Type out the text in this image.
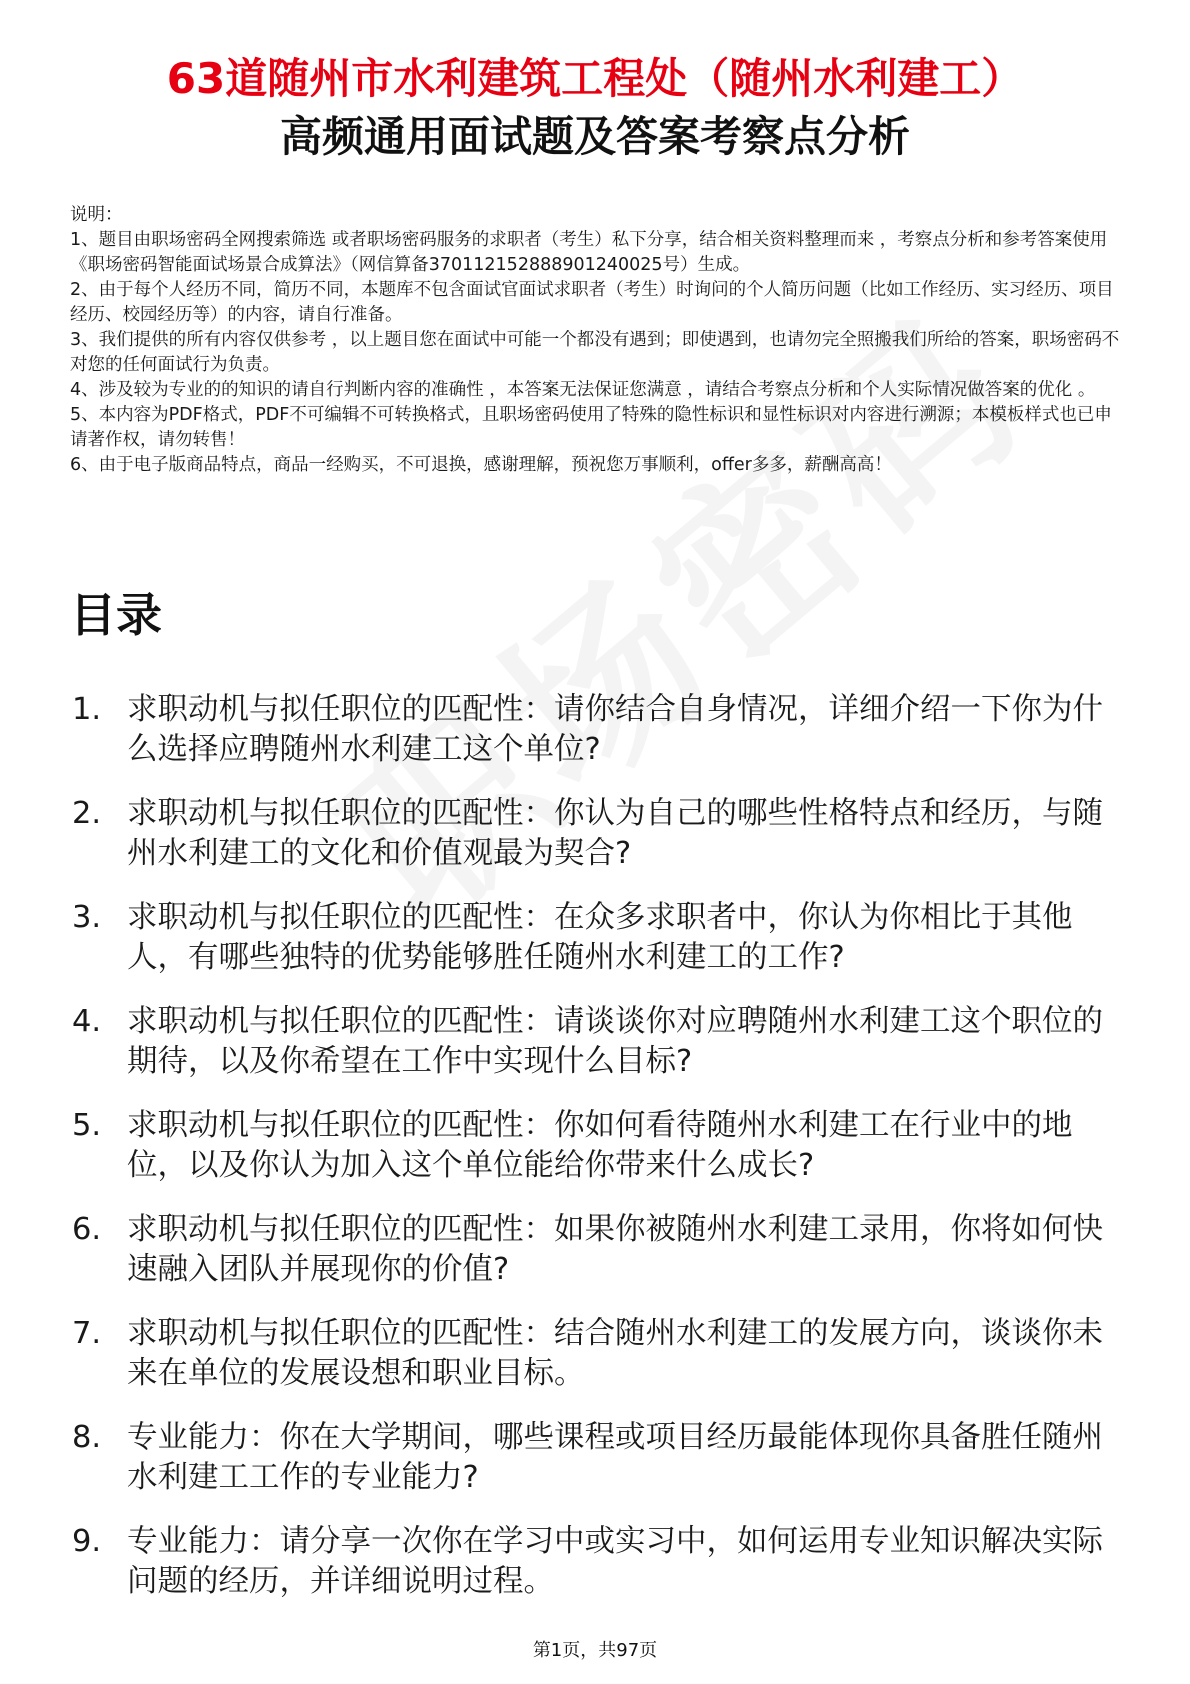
63道随州市水利建筑工程处（随州水利建工）
高频通用面试题及答案考察点分析

说明：

1、题目由职场密码全网搜索筛选 或者职场密码服务的求职者（考生）私下分享，结合相关资料整理而来 ，考察点分析和参考答案使用《职场密码智能面试场景合成算法》（网信算备370112152888901240025号）生成。

2、由于每个人经历不同，简历不同，本题库不包含面试官面试求职者（考生）时询问的个人简历问题（比如工作经历、实习经历、项目经历、校园经历等）的内容，请自行准备。

3、我们提供的所有内容仅供参考 ，以上题目您在面试中可能一个都没有遇到；即使遇到，也请勿完全照搬我们所给的答案，职场密码不对您的任何面试行为负责。

4、涉及较为专业的的知识的请自行判断内容的准确性 ，本答案无法保证您满意 ，请结合考察点分析和个人实际情况做答案的优化 。

5、本内容为PDF格式，PDF不可编辑不可转换格式，且职场密码使用了特殊的隐性标识和显性标识对内容进行溯源；本模板样式也已申请著作权，请勿转售！

6、由于电子版商品特点，商品一经购买，不可退换，感谢理解，预祝您万事顺利，offer多多，薪酬高高！

目录
1. 求职动机与拟任职位的匹配性：请你结合自身情况，详细介绍一下你为什么选择应聘随州水利建工这个单位?
2. 求职动机与拟任职位的匹配性：你认为自己的哪些性格特点和经历，与随州水利建工的文化和价值观最为契合?
3. 求职动机与拟任职位的匹配性：在众多求职者中，你认为你相比于其他人，有哪些独特的优势能够胜任随州水利建工的工作?
4. 求职动机与拟任职位的匹配性：请谈谈你对应聘随州水利建工这个职位的期待，以及你希望在工作中实现什么目标?
5. 求职动机与拟任职位的匹配性：你如何看待随州水利建工在行业中的地位，以及你认为加入这个单位能给你带来什么成长?
6. 求职动机与拟任职位的匹配性：如果你被随州水利建工录用，你将如何快速融入团队并展现你的价值?
7. 求职动机与拟任职位的匹配性：结合随州水利建工的发展方向，谈谈你未来在单位的发展设想和职业目标。
8. 专业能力：你在大学期间，哪些课程或项目经历最能体现你具备胜任随州水利建工工作的专业能力?
9. 专业能力：请分享一次你在学习中或实习中，如何运用专业知识解决实际问题的经历，并详细说明过程。
第1页，共97页
